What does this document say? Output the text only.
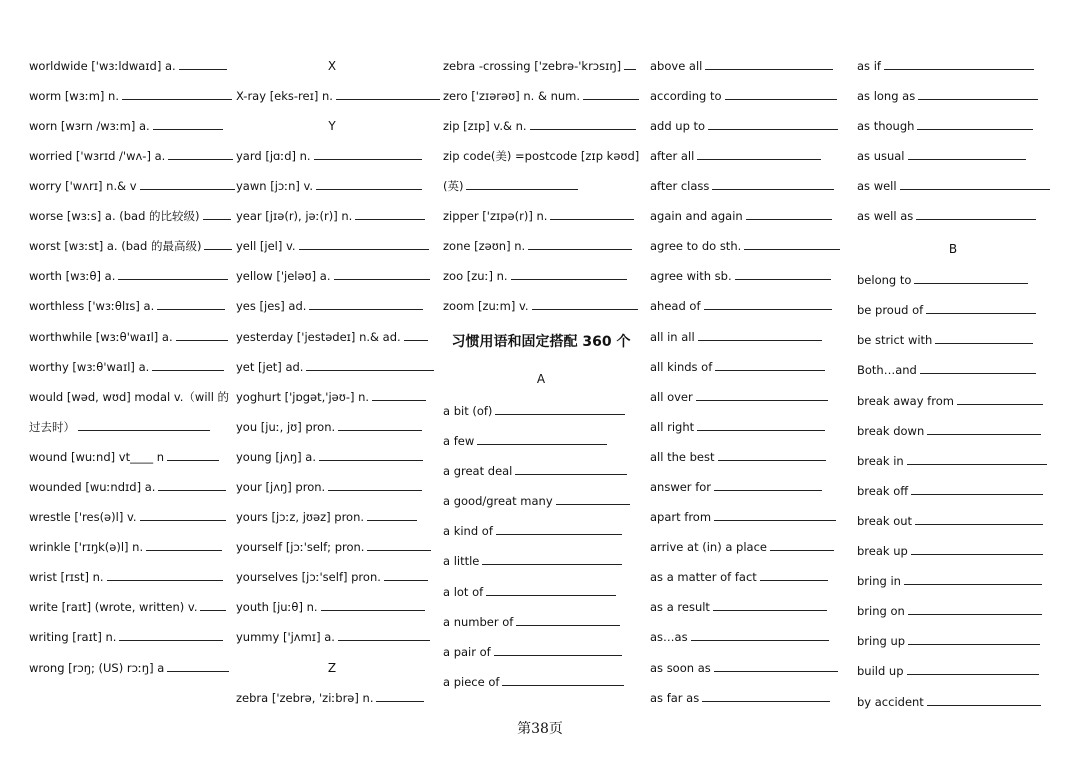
worldwide ['wɜːldwaɪd] a.
worm [wɜːm] n.
worn [wɜrn /wɜːm] a.
worried ['wɜrɪd /'wʌ-] a.
worry ['wʌrɪ] n.& v
worse [wɜːs] a. (bad 的比较级)
worst [wɜːst] a. (bad 的最高级)
worth [wɜːθ] a.
worthless ['wɜːθlɪs] a.
worthwhile [wɜːθ'waɪl] a.
worthy [wɜːθ'waɪl] a.
would [wəd, wʊd] modal v.（will 的
过去时）
wound [wuːnd] vt____ n
wounded [wuːndɪd] a.
wrestle ['res(ə)l] v.
wrinkle ['rɪŋk(ə)l] n.
wrist [rɪst] n.
write [raɪt] (wrote, written) v.
writing [raɪt] n.
wrong [rɔŋ; (US) rɔːŋ] a
X
X-ray [eks-reɪ] n.
Y
yard [jɑːd] n.
yawn [jɔːn] v.
year [jɪə(r), jəː(r)] n.
yell [jel] v.
yellow ['jeləʊ] a.
yes [jes] ad.
yesterday ['jestədeɪ] n.& ad.
yet [jet] ad.
yoghurt ['jɒgət,'jəʊ-] n.
you [juː, jʊ] pron.
young [jʌŋ] a.
your [jʌŋ] pron.
yours [jɔːz, jʊəz] pron.
yourself [jɔː'self; pron.
yourselves [jɔː'self] pron.
youth [juːθ] n.
yummy ['jʌmɪ] a.
Z
zebra ['zebrə, 'ziːbrə] n.
zebra -crossing ['zebrə-'krɔsɪŋ]
zero ['zɪərəʊ] n. & num.
zip [zɪp] v.& n.
zip code(美) =postcode [zɪp kəʊd]
(英)
zipper ['zɪpə(r)] n.
zone [zəʊn] n.
zoo [zuː] n.
zoom [zuːm] v.
习惯用语和固定搭配 360 个
A
a bit (of)
a few
a great deal
a good/great many
a kind of
a little
a lot of
a number of
a pair of
a piece of
above all
according to
add up to
after all
after class
again and again
agree to do sth.
agree with sb.
ahead of
all in all
all kinds of
all over
all right
all the best
answer for
apart from
arrive at (in) a place
as a matter of fact
as a result
as…as
as soon as
as far as
as if
as long as
as though
as usual
as well
as well as
B
belong to
be proud of
be strict with
Both…and
break away from
break down
break in
break off
break out
break up
bring in
bring on
bring up
build up
by accident
第38页
